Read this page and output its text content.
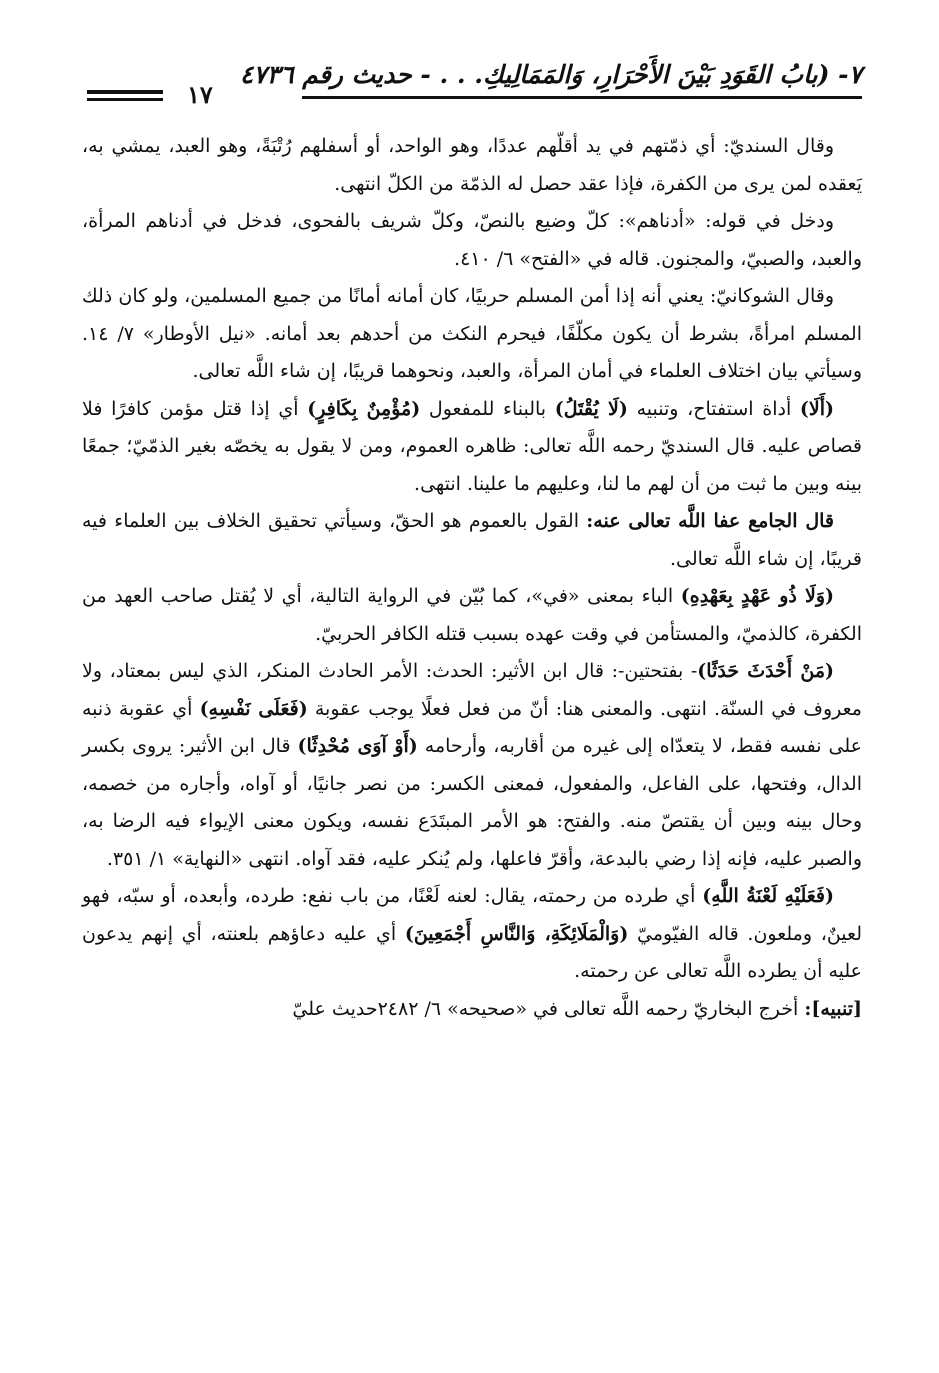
٧- (بابُ القَوَدِ بَيْنَ الأَحْرَارِ، وَالمَمَالِيكِ. . . - حديث رقم ٤٧٣٦
١٧

وقال السنديّ: أي ذمّتهم في يد أقلّهم عددًا، وهو الواحد، أو أسفلهم رُتْبَةً، وهو العبد، يمشي به، يَعقده لمن يرى من الكفرة، فإذا عقد حصل له الذمّة من الكلّ انتهى.

ودخل في قوله: «أدناهم»: كلّ وضيع بالنصّ، وكلّ شريف بالفحوى، فدخل في أدناهم المرأة، والعبد، والصبيّ، والمجنون. قاله في «الفتح» ٦/ ٤١٠.

وقال الشوكانيّ: يعني أنه إذا أمن المسلم حربيًا، كان أمانه أمانًا من جميع المسلمين، ولو كان ذلك المسلم امرأةً، بشرط أن يكون مكلّفًا، فيحرم النكث من أحدهم بعد أمانه. «نيل الأوطار» ٧/ ١٤. وسيأتي بيان اختلاف العلماء في أمان المرأة، والعبد، ونحوهما قريبًا، إن شاء اللَّه تعالى.

(أَلَا) أداة استفتاح، وتنبيه (لَا يُقْتَلُ) بالبناء للمفعول (مُؤْمِنٌ بِكَافِرٍ) أي إذا قتل مؤمن كافرًا فلا قصاص عليه. قال السنديّ رحمه اللَّه تعالى: ظاهره العموم، ومن لا يقول به يخصّه بغير الذمّيّ؛ جمعًا بينه وبين ما ثبت من أن لهم ما لنا، وعليهم ما علينا. انتهى.

قال الجامع عفا اللَّه تعالى عنه: القول بالعموم هو الحقّ، وسيأتي تحقيق الخلاف بين العلماء فيه قريبًا، إن شاء اللَّه تعالى.

(وَلَا ذُو عَهْدٍ بِعَهْدِهِ) الباء بمعنى «في»، كما بُيّن في الرواية التالية، أي لا يُقتل صاحب العهد من الكفرة، كالذميّ، والمستأمن في وقت عهده بسبب قتله الكافر الحربيّ.

(مَنْ أَحْدَثَ حَدَثًا)- بفتحتين-: قال ابن الأثير: الحدث: الأمر الحادث المنكر، الذي ليس بمعتاد، ولا معروف في السنّة. انتهى. والمعنى هنا: أنّ من فعل فعلًا يوجب عقوبة (فَعَلَى نَفْسِهِ) أي عقوبة ذنبه على نفسه فقط، لا يتعدّاه إلى غيره من أقاربه، وأرحامه (أَوْ آوَى مُحْدِثًا) قال ابن الأثير: يروى بكسر الدال، وفتحها، على الفاعل، والمفعول، فمعنى الكسر: من نصر جانيًا، أو آواه، وأجاره من خصمه، وحال بينه وبين أن يقتصّ منه. والفتح: هو الأمر المبتَدَع نفسه، ويكون معنى الإيواء فيه الرضا به، والصبر عليه، فإنه إذا رضي بالبدعة، وأقرّ فاعلها، ولم يُنكر عليه، فقد آواه. انتهى «النهاية» ١/ ٣٥١.

(فَعَلَيْهِ لَعْنَةُ اللَّهِ) أي طرده من رحمته، يقال: لعنه لَعْنًا، من باب نفع: طرده، وأبعده، أو سبّه، فهو لعينٌ، وملعون. قاله الفيّوميّ (وَالْمَلَائِكَةِ، وَالنَّاسِ أَجْمَعِينَ) أي عليه دعاؤهم بلعنته، أي إنهم يدعون عليه أن يطرده اللَّه تعالى عن رحمته.

[تنبيه]: أخرج البخاريّ رحمه اللَّه تعالى في «صحيحه» ٦/ ٢٤٨٢حديث عليّ
